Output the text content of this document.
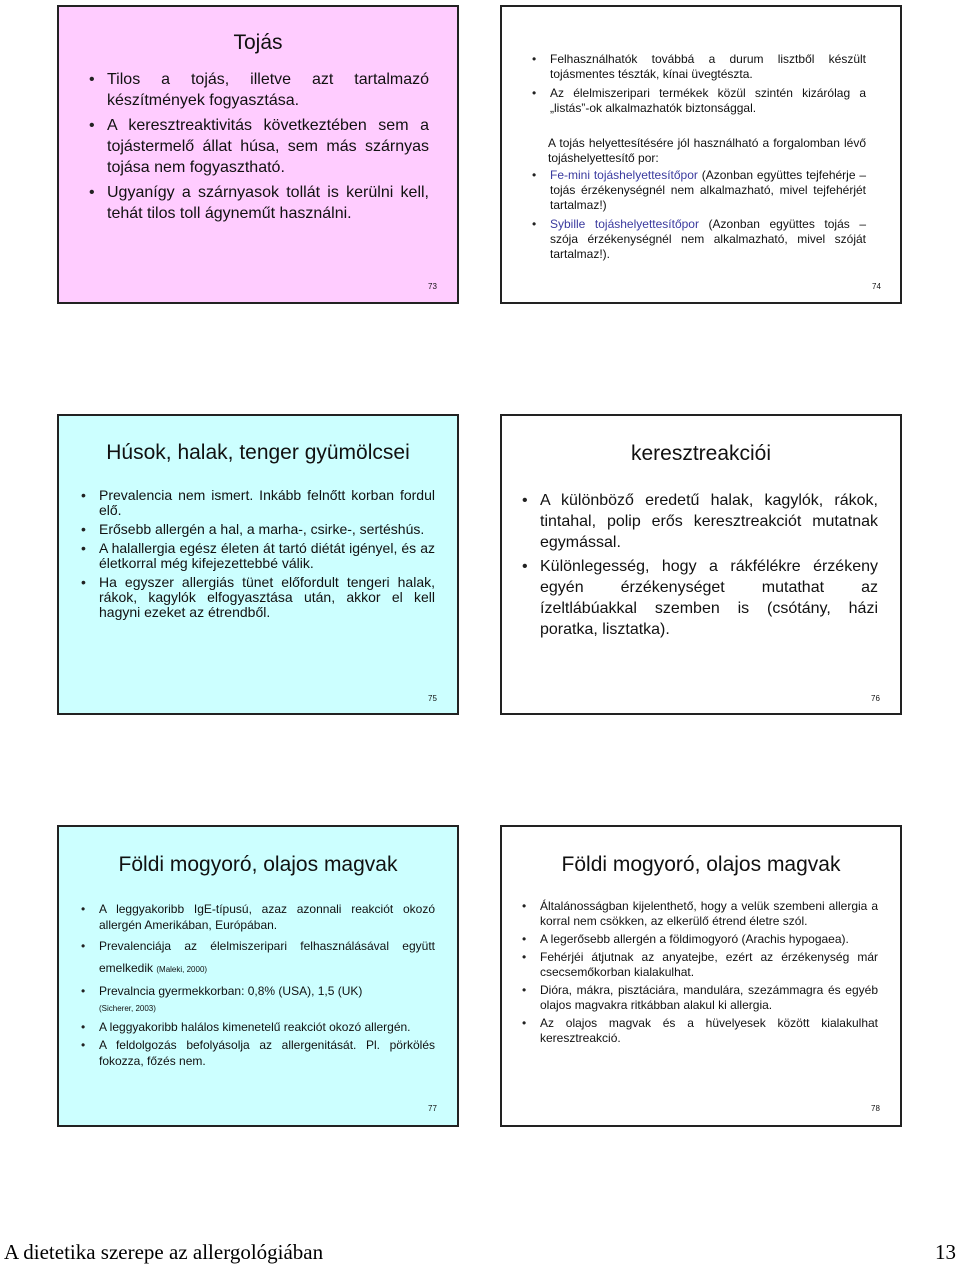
Tojás
• Tilos a tojás, illetve azt tartalmazó készítmények fogyasztása.
• A keresztreaktivitás következtében sem a tojástermelő állat húsa, sem más szárnyas tojása nem fogyasztható.
• Ugyanígy a szárnyasok tollát is kerülni kell, tehát tilos toll ágyneműt használni.
73
• Felhasználhatók továbbá a durum lisztből készült tojásmentes tészták, kínai üvegtészta.
• Az élelmiszeripari termékek közül szintén kizárólag a „listás”-ok alkalmazhatók biztonsággal.
A tojás helyettesítésére jól használható a forgalomban lévő tojáshelyettesítő por:
• Fe-mini tojáshelyettesítőpor (Azonban együttes tejfehérje – tojás érzékenységnél nem alkalmazható, mivel tejfehérjét tartalmaz!)
• Sybille tojáshelyettesítőpor (Azonban együttes tojás – szója érzékenységnél nem alkalmazható, mivel szóját tartalmaz!).
74
Húsok, halak, tenger gyümölcsei
• Prevalencia nem ismert. Inkább felnőtt korban fordul elő.
• Erősebb allergén a hal, a marha-, csirke-, sertéshús.
• A halallergia egész életen át tartó diétát igényel, és az életkorral még kifejezettebbé válik.
• Ha egyszer allergiás tünet előfordult tengeri halak, rákok, kagylók elfogyasztása után, akkor el kell hagyni ezeket az étrendből.
75
keresztreakciói
• A különböző eredetű halak, kagylók, rákok, tintahal, polip erős keresztreakciót mutatnak egymással.
• Különlegesség, hogy a rákfélékre érzékeny egyén érzékenységet mutathat az ízeltlábúakkal szemben is (csótány, házi poratka, lisztatka).
76
Földi mogyoró, olajos magvak
• A leggyakoribb IgE-típusú, azaz azonnali reakciót okozó allergén Amerikában, Európában.
• Prevalenciája az élelmiszeripari felhasználásával együtt emelkedik (Maleki, 2000)
• Prevalncia gyermekkorban: 0,8% (USA), 1,5 (UK)
(Sicherer, 2003)
• A leggyakoribb halálos kimenetelű reakciót okozó allergén.
• A feldolgozás befolyásolja az allergenitását. Pl. pörkölés fokozza, főzés nem.
77
Földi mogyoró, olajos magvak
• Általánosságban kijelenthető, hogy a velük szembeni allergia a korral nem csökken, az elkerülő étrend életre szól.
• A legerősebb allergén a földimogyoró (Arachis hypogaea).
• Fehérjéi átjutnak az anyatejbe, ezért az érzékenység már csecsemőkorban kialakulhat.
• Dióra, mákra, pisztáciára, mandulára, szezámmagra és egyéb olajos magvakra ritkábban alakul ki allergia.
• Az olajos magvak és a hüvelyesek között kialakulhat keresztreakció.
78
A dietetika szerepe az allergológiában	13
